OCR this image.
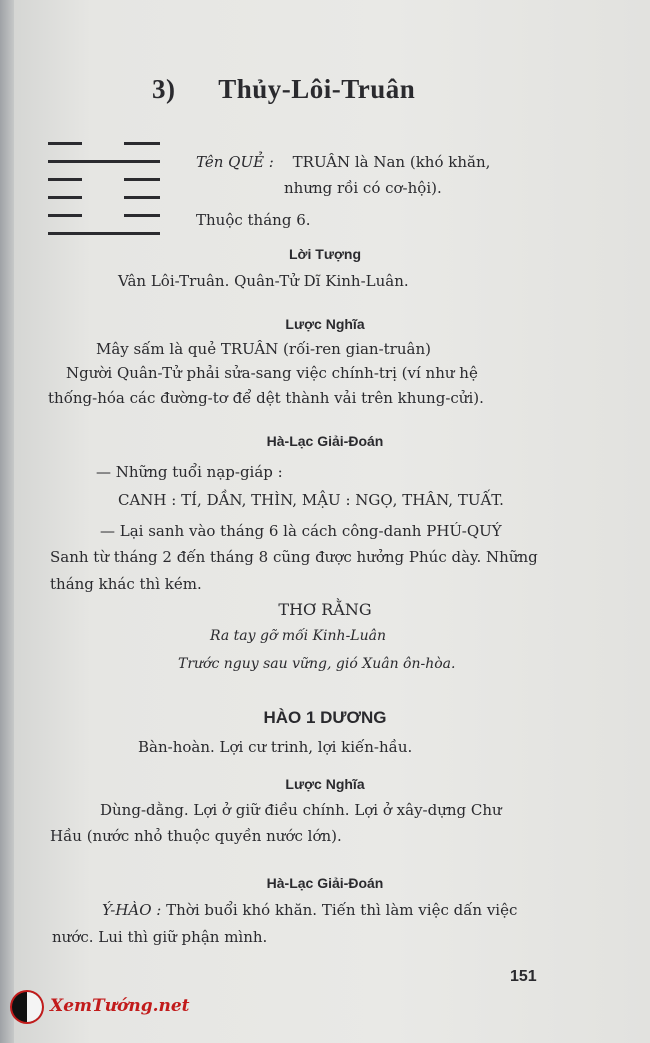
3) Thủy-Lôi-Truân
Tên QUẺ : TRUÂN là Nan (khó khăn,
nhưng rồi có cơ-hội).
Thuộc tháng 6.
Lời Tượng
Vân Lôi-Truân. Quân-Tử Dĩ Kinh-Luân.
Lược Nghĩa
Mây sấm là quẻ TRUÂN (rối-ren gian-truân)
Người Quân-Tử phải sửa-sang việc chính-trị (ví như hệ
thống-hóa các đường-tơ để dệt thành vải trên khung-cửi).
Hà-Lạc Giải-Đoán
— Những tuổi nạp-giáp :
CANH : TÍ, DẦN, THÌN, MẬU : NGỌ, THÂN, TUẤT.
— Lại sanh vào tháng 6 là cách công-danh PHÚ-QUÝ
Sanh từ tháng 2 đến tháng 8 cũng được hưởng Phúc dày. Những
tháng khác thì kém.
THƠ RẰNG
Ra tay gỡ mối Kinh-Luân
Trước nguy sau vững, gió Xuân ôn-hòa.
HÀO 1 DƯƠNG
Bàn-hoàn. Lợi cư trinh, lợi kiến-hầu.
Lược Nghĩa
Dùng-dằng. Lợi ở giữ điều chính. Lợi ở xây-dựng Chư
Hầu (nước nhỏ thuộc quyền nước lớn).
Hà-Lạc Giải-Đoán
Ý-HÀO : Thời buổi khó khăn. Tiến thì làm việc dấn việc
nước. Lui thì giữ phận mình.
151
XemTướng.net
